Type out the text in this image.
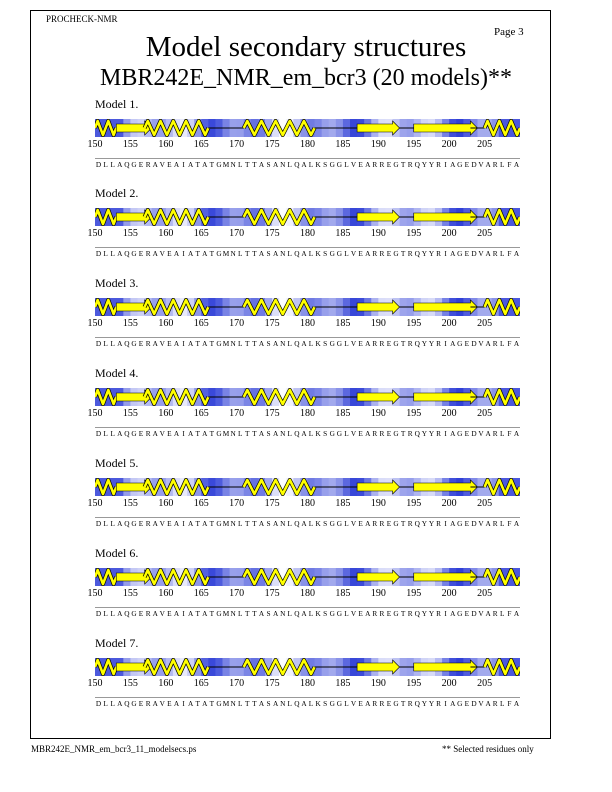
PROCHECK-NMR
Page 3
Model secondary structures
MBR242E_NMR_em_bcr3 (20 models)**
Model 1.
150 155 160 165 170 175 180 185 190 195 200 205
D L L A Q G E R A V E A I A T A T G M N L T T A S A N L Q A L K S G G L V E A R R E G T R Q Y Y R I A G E D V A R L F A
Model 2.
150 155 160 165 170 175 180 185 190 195 200 205
D L L A Q G E R A V E A I A T A T G M N L T T A S A N L Q A L K S G G L V E A R R E G T R Q Y Y R I A G E D V A R L F A
Model 3.
150 155 160 165 170 175 180 185 190 195 200 205
D L L A Q G E R A V E A I A T A T G M N L T T A S A N L Q A L K S G G L V E A R R E G T R Q Y Y R I A G E D V A R L F A
Model 4.
150 155 160 165 170 175 180 185 190 195 200 205
D L L A Q G E R A V E A I A T A T G M N L T T A S A N L Q A L K S G G L V E A R R E G T R Q Y Y R I A G E D V A R L F A
Model 5.
150 155 160 165 170 175 180 185 190 195 200 205
D L L A Q G E R A V E A I A T A T G M N L T T A S A N L Q A L K S G G L V E A R R E G T R Q Y Y R I A G E D V A R L F A
Model 6.
150 155 160 165 170 175 180 185 190 195 200 205
D L L A Q G E R A V E A I A T A T G M N L T T A S A N L Q A L K S G G L V E A R R E G T R Q Y Y R I A G E D V A R L F A
Model 7.
150 155 160 165 170 175 180 185 190 195 200 205
D L L A Q G E R A V E A I A T A T G M N L T T A S A N L Q A L K S G G L V E A R R E G T R Q Y Y R I A G E D V A R L F A
MBR242E_NMR_em_bcr3_11_modelsecs.ps	** Selected residues only
